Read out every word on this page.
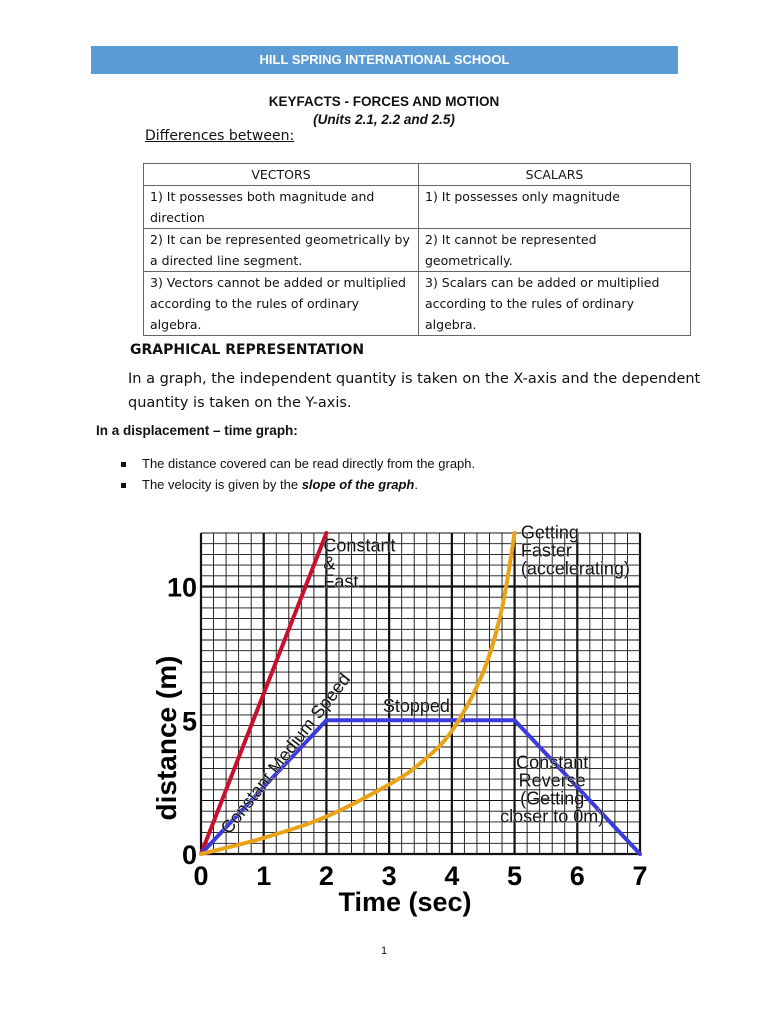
HILL SPRING INTERNATIONAL SCHOOL
KEYFACTS - FORCES AND MOTION
(Units 2.1, 2.2 and 2.5)
Differences between:
VECTORS	SCALARS
1) It possesses both magnitude and direction	1) It possesses only magnitude
2) It can be represented geometrically by a directed line segment.	2) It cannot be represented geometrically.
3) Vectors cannot be added or multiplied according to the rules of ordinary algebra.	3) Scalars can be added or multiplied according to the rules of ordinary algebra.
GRAPHICAL REPRESENTATION
In a graph, the independent quantity is taken on the X-axis and the dependent quantity is taken on the Y-axis.
In a displacement – time graph:
The distance covered can be read directly from the graph.
The velocity is given by the slope of the graph.
0 1 2 3 4 5 6 7
0
5
10
Constant
&
Fast
Getting
Faster
(accelerating)
Constant
Reverse
(Getting
closer to 0m)
Stopped
Constant Medium Speed
distance (m)
Time (sec)
1
